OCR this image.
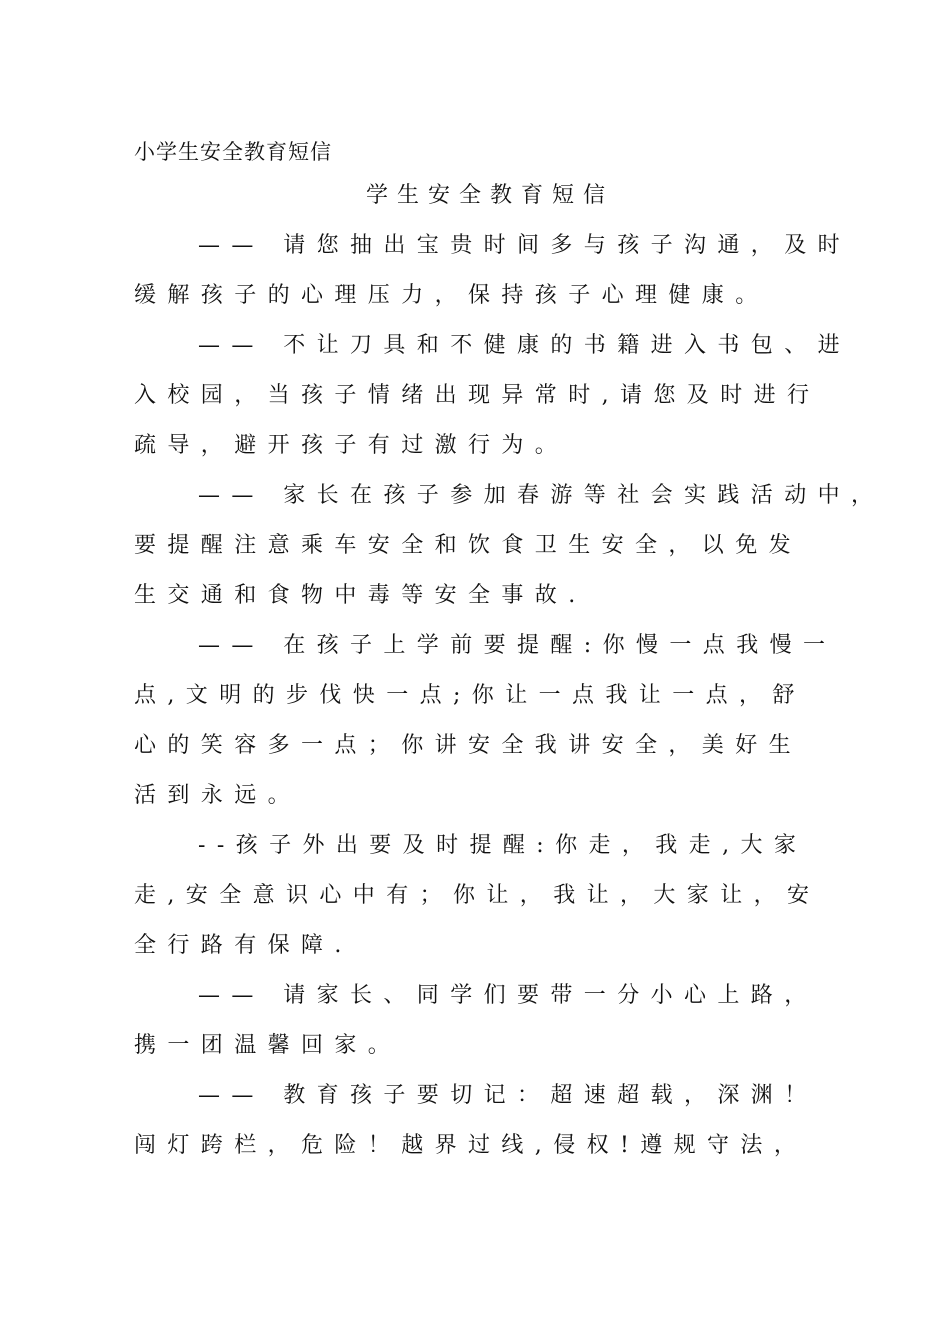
小学生安全教育短信
学生安全教育短信
—— 请您抽出宝贵时间多与孩子沟通，及时
缓解孩子的心理压力，保持孩子心理健康。
—— 不让刀具和不健康的书籍进入书包、进
入校园，当孩子情绪出现异常时,请您及时进行
疏导，避开孩子有过激行为。
—— 家长在孩子参加春游等社会实践活动中，
要提醒注意乘车安全和饮食卫生安全，以免发
生交通和食物中毒等安全事故.
—— 在孩子上学前要提醒:你慢一点我慢一
点,文明的步伐快一点;你让一点我让一点，舒
心的笑容多一点；你讲安全我讲安全，美好生
活到永远。
--孩子外出要及时提醒:你走，我走,大家
走,安全意识心中有；你让，我让，大家让，安
全行路有保障.
—— 请家长、同学们要带一分小心上路，
携一团温馨回家。
—— 教育孩子要切记：超速超载，深渊！
闯灯跨栏，危险！越界过线,侵权!遵规守法，
